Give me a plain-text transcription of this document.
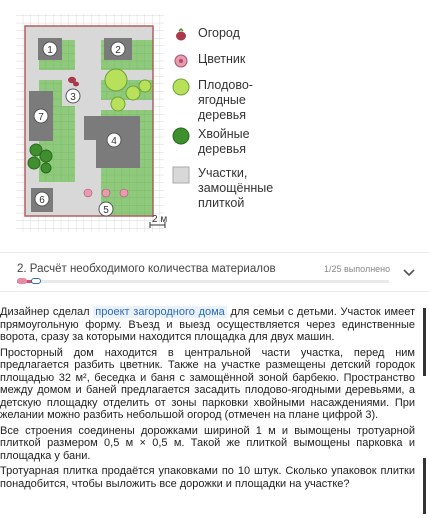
1	2
3
4
5
6
7
2 м
Огород
Цветник
Плодово-
ягодные
деревья
Хвойные
деревья
Участки,
замощённые
плиткой
2. Расчёт необходимого количества материалов	1/25 выполнено

Дизайнер сделал проект загородного дома для семьи с детьми. Участок имеет прямоугольную форму. Въезд и выезд осуществляется через единственные ворота, сразу за которыми находится площадка для двух машин.

Просторный дом находится в центральной части участка, перед ним предлагается разбить цветник. Также на участке размещены детский городок площадью 32 м², беседка и баня с замощённой зоной барбекю. Пространство между домом и баней предлагается засадить плодово-ягодными деревьями, а детскую площадку отделить от зоны парковки хвойными насаждениями. При желании можно разбить небольшой огород (отмечен на плане цифрой 3).

Все строения соединены дорожками шириной 1 м и вымощены тротуарной плиткой размером 0,5 м × 0,5 м. Такой же плиткой вымощены парковка и площадка у бани.

Тротуарная плитка продаётся упаковками по 10 штук. Сколько упаковок плитки понадобится, чтобы выложить все дорожки и площадки на участке?
